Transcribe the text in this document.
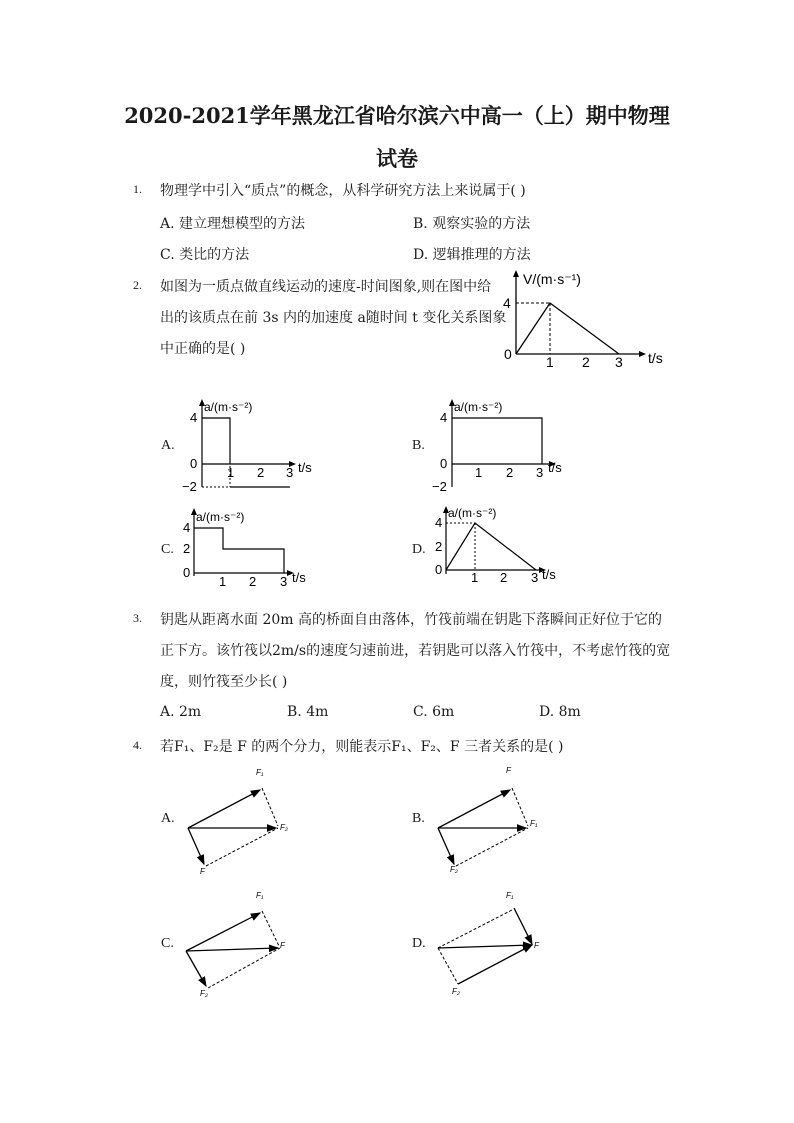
2020-2021学年黑龙江省哈尔滨六中高一（上）期中物理
试卷
1. 物理学中引入“质点”的概念，从科学研究方法上来说属于( )
A. 建立理想模型的方法	B. 观察实验的方法
C. 类比的方法	D. 逻辑推理的方法
2. 如图为一质点做直线运动的速度-时间图象,则在图中给
出的该质点在前 3s 内的加速度 a随时间 t 变化关系图象
中正确的是( )
V/(m·s⁻¹)
4
0 1 2 3 t/s
A.
a/(m·s⁻²)
4
0
−2
1 2 3 t/s
B.
a/(m·s⁻²)
4
0
−2
1 2 3 t/s
C.
a/(m·s⁻²)
4
2
0
1 2 3 t/s
D.
a/(m·s⁻²)
4
2
0
1 2 3 t/s
3. 钥匙从距离水面 20m 高的桥面自由落体，竹筏前端在钥匙下落瞬间正好位于它的
正下方。该竹筏以2m/s的速度匀速前进，若钥匙可以落入竹筏中，不考虑竹筏的宽
度，则竹筏至少长( )
A. 2m	B. 4m	C. 6m	D. 8m
4. 若F₁、F₂是 F 的两个分力，则能表示F₁、F₂、F 三者关系的是( )
A.
F₁
F₂
F
B.
F
F₁
F₂
C.
F₁
F
F₂
D.
F₁
F
F₂
